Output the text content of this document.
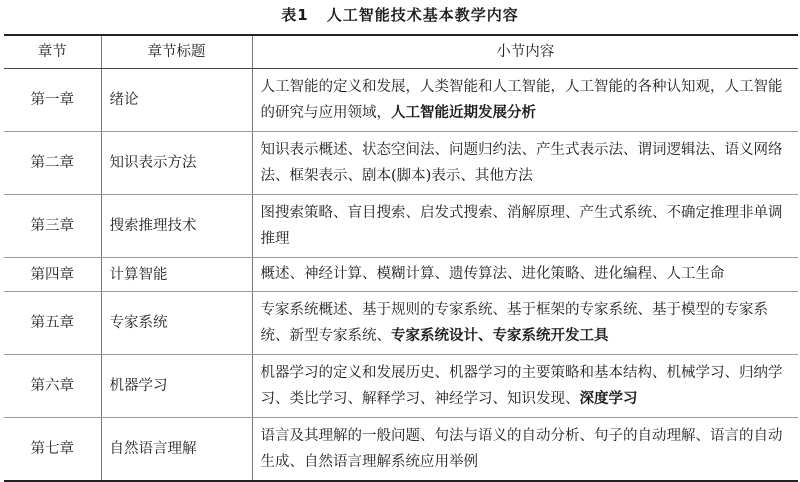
表1 人工智能技术基本教学内容
章节	章节标题	小节内容
第一章	绪论	人工智能的定义和发展，人类智能和人工智能，人工智能的各种认知观，人工智能的研究与应用领域，人工智能近期发展分析
第二章	知识表示方法	知识表示概述、状态空间法、问题归约法、产生式表示法、谓词逻辑法、语义网络法、框架表示、剧本(脚本)表示、其他方法
第三章	搜索推理技术	图搜索策略、盲目搜索、启发式搜索、消解原理、产生式系统、不确定推理非单调推理
第四章	计算智能	概述、神经计算、模糊计算、遗传算法、进化策略、进化编程、人工生命
第五章	专家系统	专家系统概述、基于规则的专家系统、基于框架的专家系统、基于模型的专家系统、新型专家系统、专家系统设计、专家系统开发工具
第六章	机器学习	机器学习的定义和发展历史、机器学习的主要策略和基本结构、机械学习、归纳学习、类比学习、解释学习、神经学习、知识发现、深度学习
第七章	自然语言理解	语言及其理解的一般问题、句法与语义的自动分析、句子的自动理解、语言的自动生成、自然语言理解系统应用举例
